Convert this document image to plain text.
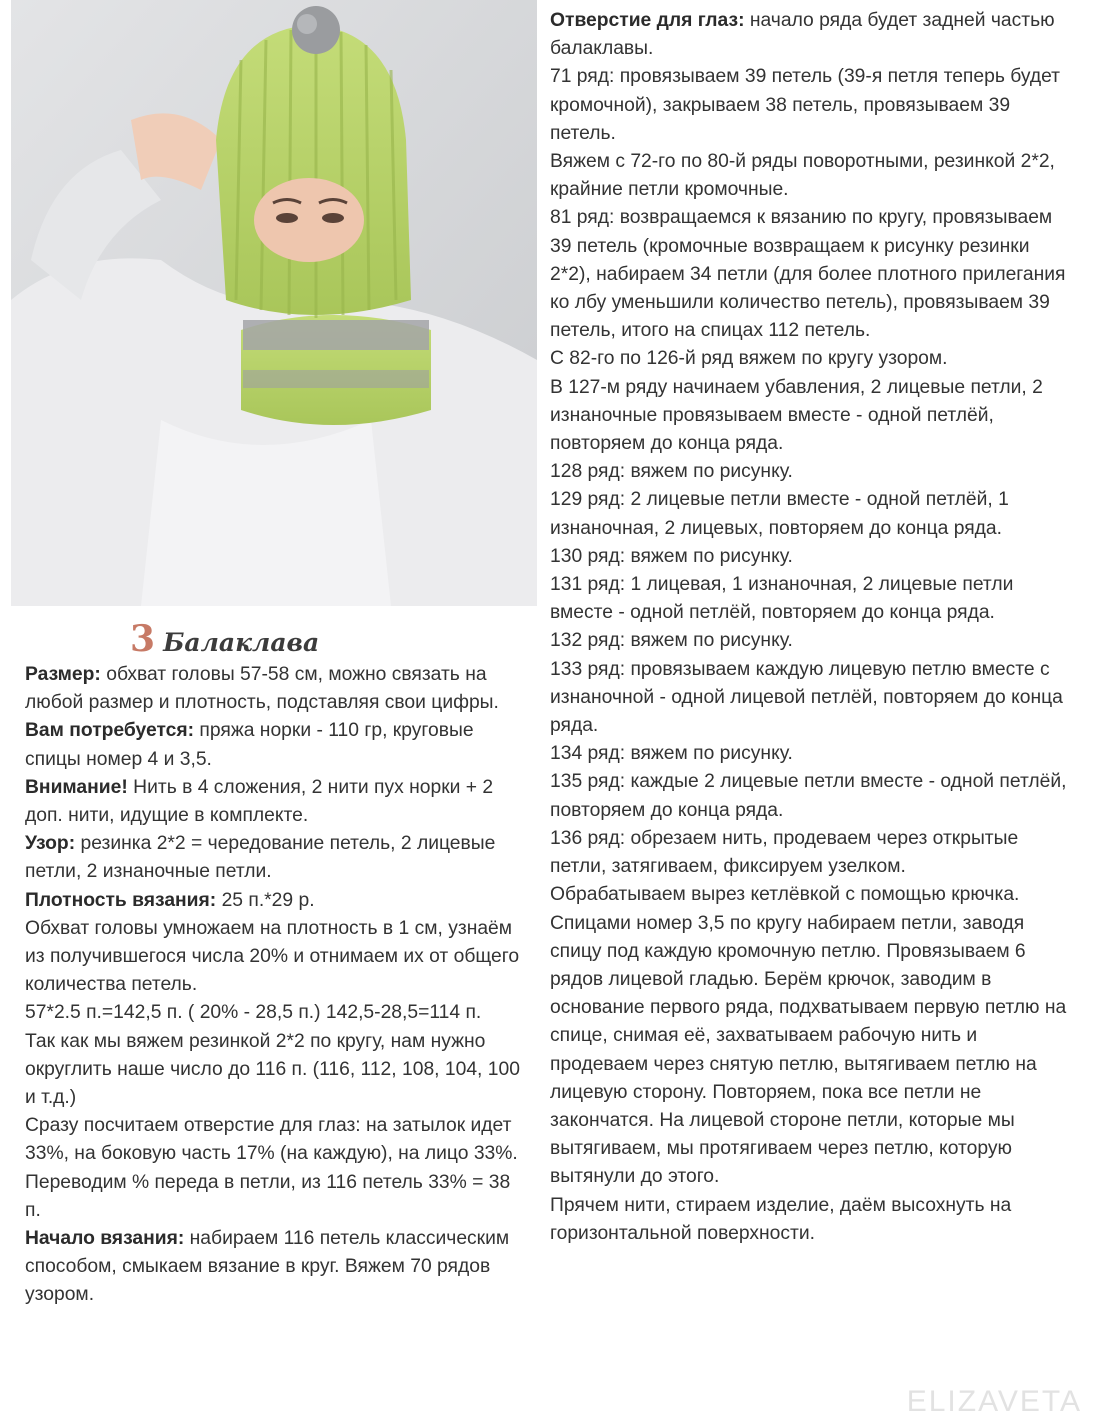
3 Балаклава

Размер: обхват головы 57-58 см, можно связать на любой размер и плотность, подставляя свои цифры.

Вам потребуется: пряжа норки - 110 гр, круговые спицы номер 4 и 3,5.

Внимание! Нить в 4 сложения, 2 нити пух норки + 2 доп. нити, идущие в комплекте.

Узор: резинка 2*2 = чередование петель, 2 лицевые петли, 2 изнаночные петли.

Плотность вязания: 25 п.*29 р.

Обхват головы умножаем на плотность в 1 см, узнаём из получившегося числа 20% и отнимаем их от общего количества петель.

57*2.5 п.=142,5 п. ( 20% - 28,5 п.) 142,5-28,5=114 п.

Так как мы вяжем резинкой 2*2 по кругу, нам нужно округлить наше число до 116 п. (116, 112, 108, 104, 100 и т.д.)

Сразу посчитаем отверстие для глаз: на затылок идет 33%, на боковую часть 17% (на каждую), на лицо 33%.

Переводим % переда в петли, из 116 петель 33% = 38 п.

Начало вязания: набираем 116 петель классическим способом, смыкаем вязание в круг. Вяжем 70 рядов узором.

Отверстие для глаз: начало ряда будет задней частью балаклавы.

71 ряд: провязываем 39 петель (39-я петля теперь будет кромочной), закрываем 38 петель, провязываем 39 петель.

Вяжем с 72-го по 80-й ряды поворотными, резинкой 2*2, крайние петли кромочные.

81 ряд: возвращаемся к вязанию по кругу, провязываем 39 петель (кромочные возвращаем к рисунку резинки 2*2), набираем 34 петли (для более плотного прилегания ко лбу уменьшили количество петель), провязываем 39 петель, итого на спицах 112 петель.

С 82-го по 126-й ряд вяжем по кругу узором.

В 127-м ряду начинаем убавления, 2 лицевые петли, 2 изнаночные провязываем вместе - одной петлёй, повторяем до конца ряда.

128 ряд: вяжем по рисунку.

129 ряд: 2 лицевые петли вместе - одной петлёй, 1 изнаночная, 2 лицевых, повторяем до конца ряда.

130 ряд: вяжем по рисунку.

131 ряд: 1 лицевая, 1 изнаночная, 2 лицевые петли вместе - одной петлёй, повторяем до конца ряда.

132 ряд: вяжем по рисунку.

133 ряд: провязываем каждую лицевую петлю вместе с изнаночной - одной лицевой петлёй, повторяем до конца ряда.

134 ряд: вяжем по рисунку.

135 ряд: каждые 2 лицевые петли вместе - одной петлёй, повторяем до конца ряда.

136 ряд: обрезаем нить, продеваем через открытые петли, затягиваем, фиксируем узелком.

Обрабатываем вырез кетлёвкой с помощью крючка. Спицами номер 3,5 по кругу набираем петли, заводя спицу под каждую кромочную петлю. Провязываем 6 рядов лицевой гладью. Берём крючок, заводим в основание первого ряда, подхватываем первую петлю на спице, снимая её, захватываем рабочую нить и продеваем через снятую петлю, вытягиваем петлю на лицевую сторону. Повторяем, пока все петли не закончатся. На лицевой стороне петли, которые мы вытягиваем, мы протягиваем через петлю, которую вытянули до этого.

Прячем нити, стираем изделие, даём высохнуть на горизонтальной поверхности.

ELIZAVETA
